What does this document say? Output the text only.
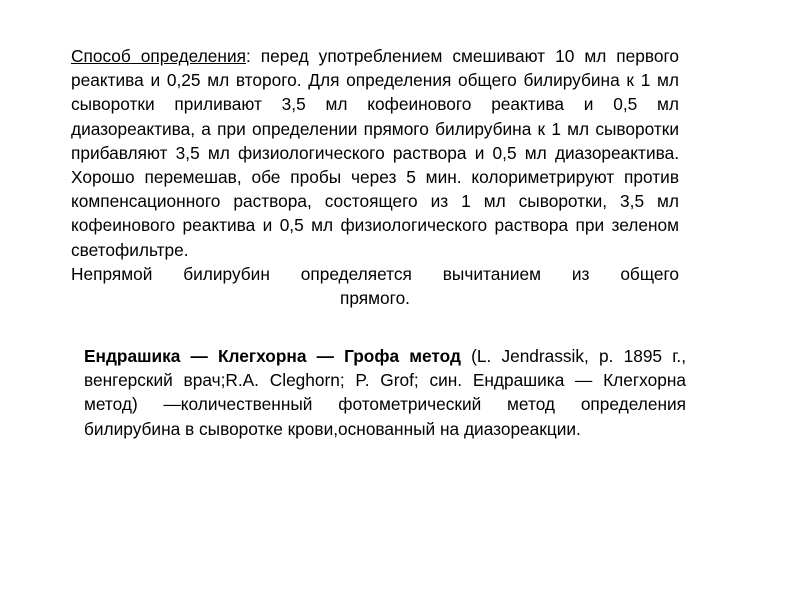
Способ определения: перед употреблением смешивают 10 мл первого реактива и 0,25 мл второго. Для определения общего билирубина к 1 мл сыворотки приливают 3,5 мл кофеинового реактива и 0,5 мл диазореактива, а при определении прямого билирубина к 1 мл сыворотки прибавляют 3,5 мл физиологического раствора и 0,5 мл диазореактива. Хорошо перемешав, обе пробы через 5 мин. колориметрируют против компенсационного раствора, состоящего из 1 мл сыворотки, 3,5 мл кофеинового реактива и 0,5 мл физиологического раствора при зеленом светофильтре.

Непрямой билирубин определяется вычитанием из общего

прямого.

Ендрашика — Клегхорна — Грофа метод (L. Jendrassik, р. 1895 г., венгерский врач;R.A. Cleghorn; P. Grof; син. Ендрашика — Клегхорна метод) —количественный фотометрический метод определения билирубина в сыворотке крови,основанный на диазореакции.
